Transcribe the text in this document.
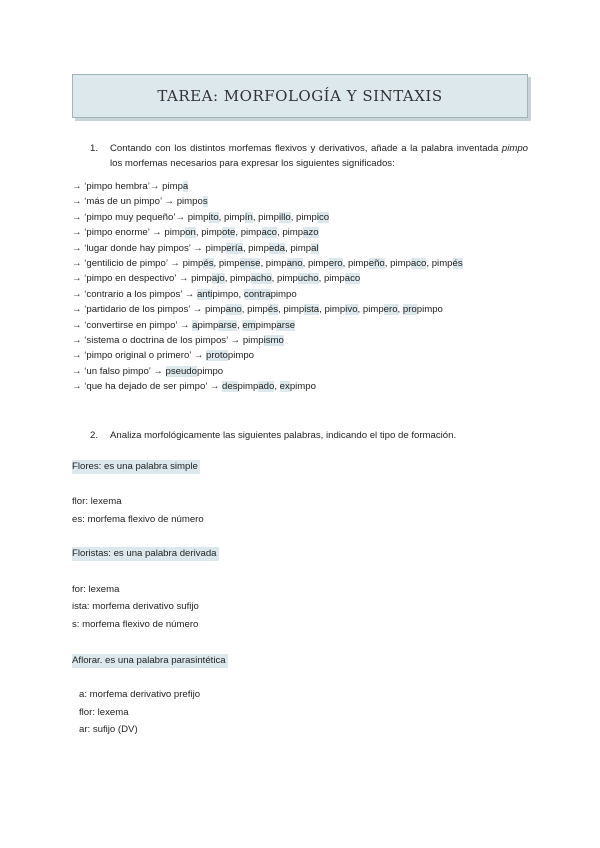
TAREA: MORFOLOGÍA Y SINTAXIS
1. Contando con los distintos morfemas flexivos y derivativos, añade a la palabra inventada pimpo los morfemas necesarios para expresar los siguientes significados:
→ ‘pimpo hembra’→ pimpa
→ ‘más de un pimpo’ → pimpos
→ ‘pimpo muy pequeño’→ pimpito, pimpín, pimpillo, pimpico
→ ‘pimpo enorme’ → pimpon, pimpote, pimpaco, pimpazo
→ ‘lugar donde hay pimpos’ → pimpería, pimpeda, pimpal
→ ‘gentilicio de pimpo’ → pimpés, pimpense, pimpano, pimpero, pimpeño, pimpaco, pimpés
→ ‘pimpo en despectivo’ → pimpajo, pimpacho, pimpucho, pimpaco
→ ‘contrario a los pimpos’ → antipimpo, contrapimpo
→ ‘partidario de los pimpos’ → pimpano, pimpés, pimpista, pimpivo, pimpero, propimpo
→ ‘convertirse en pimpo’ → apimparse, empimparse
→ ‘sistema o doctrina de los pimpos’ → pimpismo
→ ‘pimpo original o primero’ → protopimpo
→ ‘un falso pimpo’ → pseudopimpo
→ ‘que ha dejado de ser pimpo’ → despimpado, expimpo
2. Analiza morfológicamente las siguientes palabras, indicando el tipo de formación.
Flores: es una palabra simple
flor: lexema
es: morfema flexivo de número
Floristas: es una palabra derivada
for: lexema
ista: morfema derivativo sufijo
s: morfema flexivo de número
Aflorar. es una palabra parasintética
a: morfema derivativo prefijo
flor: lexema
ar: sufijo (DV)
